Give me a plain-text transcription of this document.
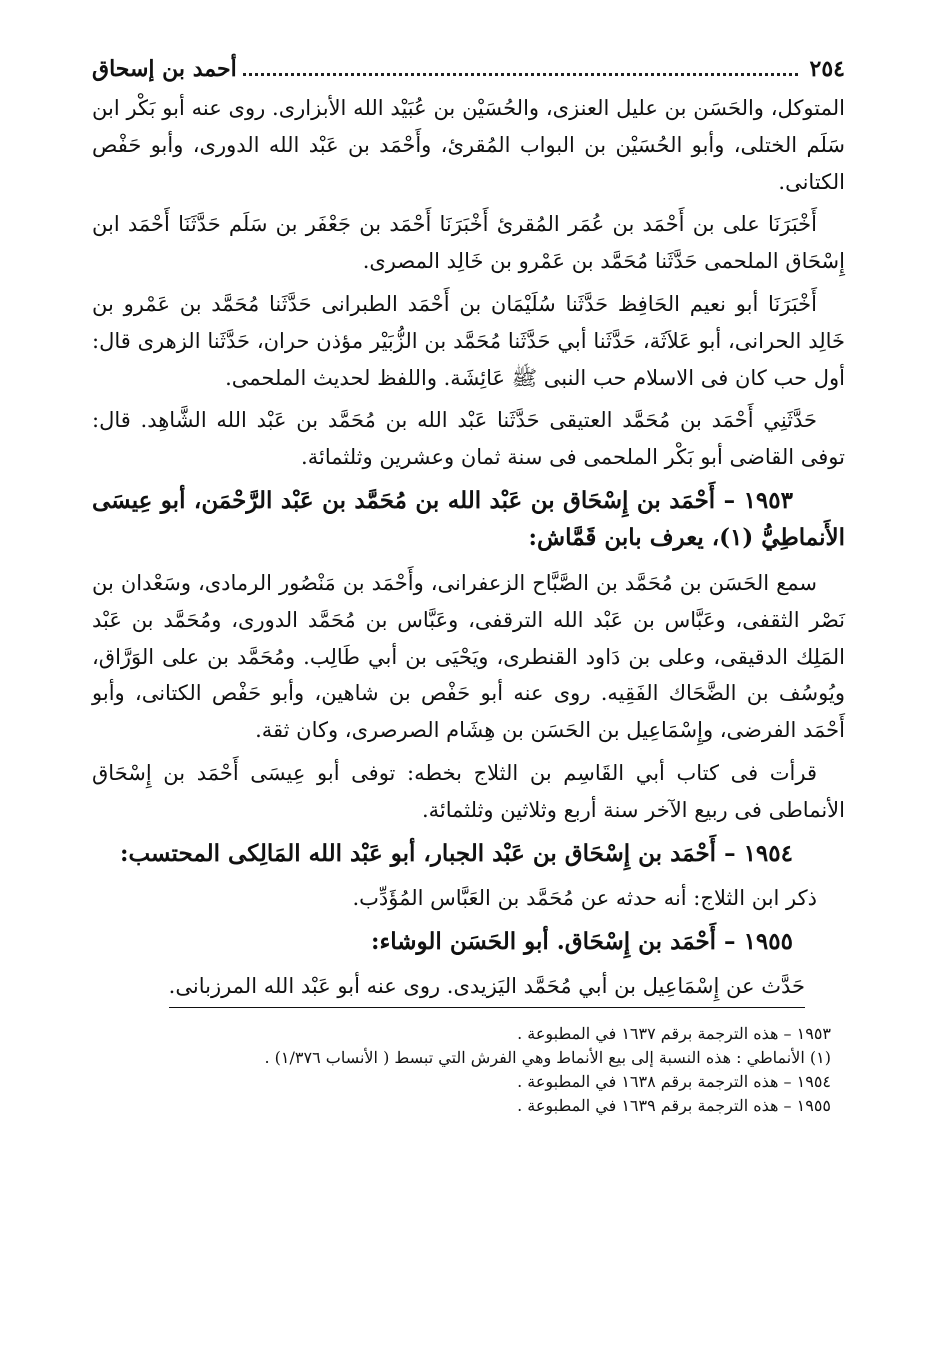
٢٥٤
أحمد بن إسحاق

المتوكل، والحَسَن بن عليل العنزى، والحُسَيْن بن عُبَيْد الله الأبزارى. روى عنه أبو بَكْر ابن سَلَم الختلى، وأبو الحُسَيْن بن البواب المُقرئ، وأَحْمَد بن عَبْد الله الدورى، وأبو حَفْص الكتانى.

أَخْبَرَنَا على بن أَحْمَد بن عُمَر المُقرئ أَخْبَرَنَا أَحْمَد بن جَعْفَر بن سَلَم حَدَّثَنَا أَحْمَد ابن إِسْحَاق الملحمى حَدَّثَنا مُحَمَّد بن عَمْرو بن خَالِد المصرى.

أَخْبَرَنَا أبو نعيم الحَافِظ حَدَّثَنا سُلَيْمَان بن أَحْمَد الطبرانى حَدَّثَنا مُحَمَّد بن عَمْرو بن خَالِد الحرانى، أبو عَلاَثَة، حَدَّثَنا أبي حَدَّثَنا مُحَمَّد بن الزُّبَيْر مؤذن حران، حَدَّثَنا الزهرى قال: أول حب كان فى الاسلام حب النبى ﷺ عَائِشَة. واللفظ لحديث الملحمى.

حَدَّثَنِي أَحْمَد بن مُحَمَّد العتيقى حَدَّثَنا عَبْد الله بن مُحَمَّد بن عَبْد الله الشَّاهِد. قال: توفى القاضى أبو بَكْر الملحمى فى سنة ثمان وعشرين وثلثمائة.

١٩٥٣ – أَحْمَد بن إِسْحَاق بن عَبْد الله بن مُحَمَّد بن عَبْد الرَّحْمَن، أبو عِيسَى الأَنماطِيُّ (١)، يعرف بابن قَمَّاش:

سمع الحَسَن بن مُحَمَّد بن الصَّبَّاح الزعفرانى، وأَحْمَد بن مَنْصُور الرمادى، وسَعْدان بن نَصْر الثقفى، وعَبَّاس بن عَبْد الله الترقفى، وعَبَّاس بن مُحَمَّد الدورى، ومُحَمَّد بن عَبْد المَلِك الدقيقى، وعلى بن دَاود القنطرى، ويَحْيَى بن أبي طَالِب. ومُحَمَّد بن على الوَرَّاق، ويُوسُف بن الضَّحَاك الفَقِيه. روى عنه أبو حَفْص بن شاهين، وأبو حَفْص الكتانى، وأبو أَحْمَد الفرضى، وإِسْمَاعِيل بن الحَسَن بن هِشَام الصرصرى، وكان ثقة.

قرأت فى كتاب أبي القَاسِم بن الثلاج بخطه: توفى أبو عِيسَى أَحْمَد بن إِسْحَاق الأنماطى فى ربيع الآخر سنة أربع وثلاثين وثلثمائة.

١٩٥٤ – أَحْمَد بن إِسْحَاق بن عَبْد الجبار، أبو عَبْد الله المَالِكى المحتسب:

ذكر ابن الثلاج: أنه حدثه عن مُحَمَّد بن العَبَّاس المُؤَدِّب.

١٩٥٥ – أَحْمَد بن إِسْحَاق. أبو الحَسَن الوشاء:

حَدَّث عن إِسْمَاعِيل بن أبي مُحَمَّد اليَزيدى. روى عنه أبو عَبْد الله المرزبانى.

١٩٥٣ – هذه الترجمة برقم ١٦٣٧ في المطبوعة .
(١) الأنماطي : هذه النسبة إلى بيع الأنماط وهي الفرش التي تبسط ( الأنساب ١/٣٧٦) .
١٩٥٤ – هذه الترجمة برقم ١٦٣٨ في المطبوعة .
١٩٥٥ – هذه الترجمة برقم ١٦٣٩ في المطبوعة .
